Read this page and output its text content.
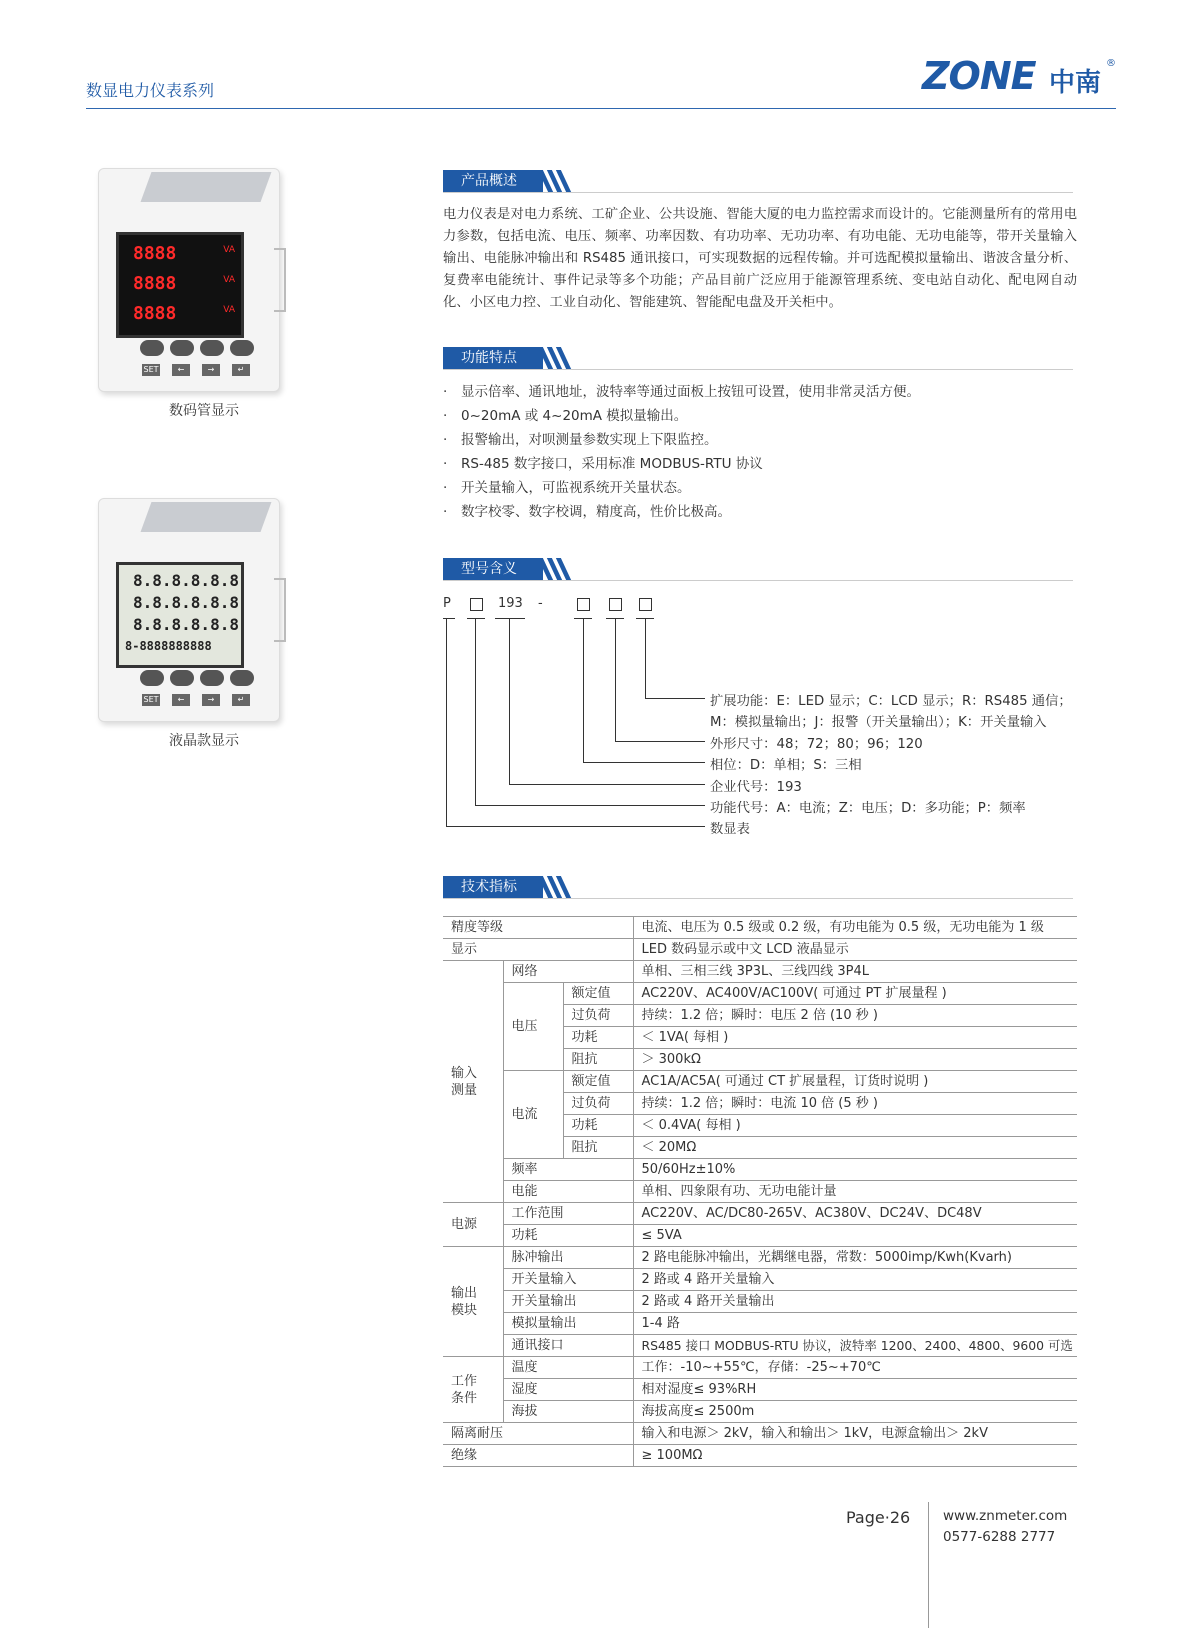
数显电力仪表系列	ZONE 中南
®
8888
8888
8888
VA
VA
VA
SET	←	→	↵
数码管显示
8.8.8.8.8.8
8.8.8.8.8.8
8.8.8.8.8.8
8-8888888888
SET	←	→	↵
液晶款显示
产品概述
电力仪表是对电力系统、工矿企业、公共设施、智能大厦的电力监控需求而设计的。它能测量所有的常用电力参数，包括电流、电压、频率、功率因数、有功功率、无功功率、有功电能、无功电能等，带开关量输入输出、电能脉冲输出和 RS485 通讯接口，可实现数据的远程传输。并可选配模拟量输出、谐波含量分析、复费率电能统计、事件记录等多个功能；产品目前广泛应用于能源管理系统、变电站自动化、配电网自动化、小区电力控、工业自动化、智能建筑、智能配电盘及开关柜中。
功能特点
· 显示倍率、通讯地址，波特率等通过面板上按钮可设置，使用非常灵活方便。
· 0~20mA 或 4~20mA 模拟量输出。
· 报警输出，对呗测量参数实现上下限监控。
· RS-485 数字接口，采用标准 MODBUS-RTU 协议
· 开关量输入，可监视系统开关量状态。
· 数字校零、数字校调，精度高，性价比极高。
型号含义
P	193 -
扩展功能：E：LED 显示；C：LCD 显示；R：RS485 通信；
M：模拟量输出；J：报警（开关量输出）；K：开关量输入
外形尺寸：48；72；80；96；120
相位：D：单相；S：三相
企业代号：193
功能代号：A：电流；Z：电压；D：多功能；P：频率
数显表
技术指标
精度等级			电流、电压为 0.5 级或 0.2 级，有功电能为 0.5 级，无功电能为 1 级
显示			LED 数码显示或中文 LCD 液晶显示
输入
测量	网络		单相、三相三线 3P3L、三线四线 3P4L
	电压	额定值	AC220V、AC400V/AC100V( 可通过 PT 扩展量程 )
		过负荷	持续：1.2 倍；瞬时：电压 2 倍 (10 秒 )
		功耗	＜ 1VA( 每相 )
		阻抗	＞ 300kΩ
	电流	额定值	AC1A/AC5A( 可通过 CT 扩展量程，订货时说明 )
		过负荷	持续：1.2 倍；瞬时：电流 10 倍 (5 秒 )
		功耗	＜ 0.4VA( 每相 )
		阻抗	＜ 20MΩ
	频率		50/60Hz±10%
	电能		单相、四象限有功、无功电能计量
电源	工作范围		AC220V、AC/DC80-265V、AC380V、DC24V、DC48V
	功耗		≤ 5VA
输出
模块	脉冲输出		2 路电能脉冲输出，光耦继电器，常数：5000imp/Kwh(Kvarh)
	开关量输入		2 路或 4 路开关量输入
	开关量输出		2 路或 4 路开关量输出
	模拟量输出		1-4 路
	通讯接口		RS485 接口 MODBUS-RTU 协议，波特率 1200、2400、4800、9600 可选
工作
条件	温度		工作：-10~+55℃，存储：-25~+70℃
	湿度		相对湿度≤ 93%RH
	海拔		海拔高度≤ 2500m
隔离耐压			输入和电源＞ 2kV，输入和输出＞ 1kV，电源盒输出＞ 2kV
绝缘			≥ 100MΩ
Page·26 www.znmeter.com
0577-6288 2777
